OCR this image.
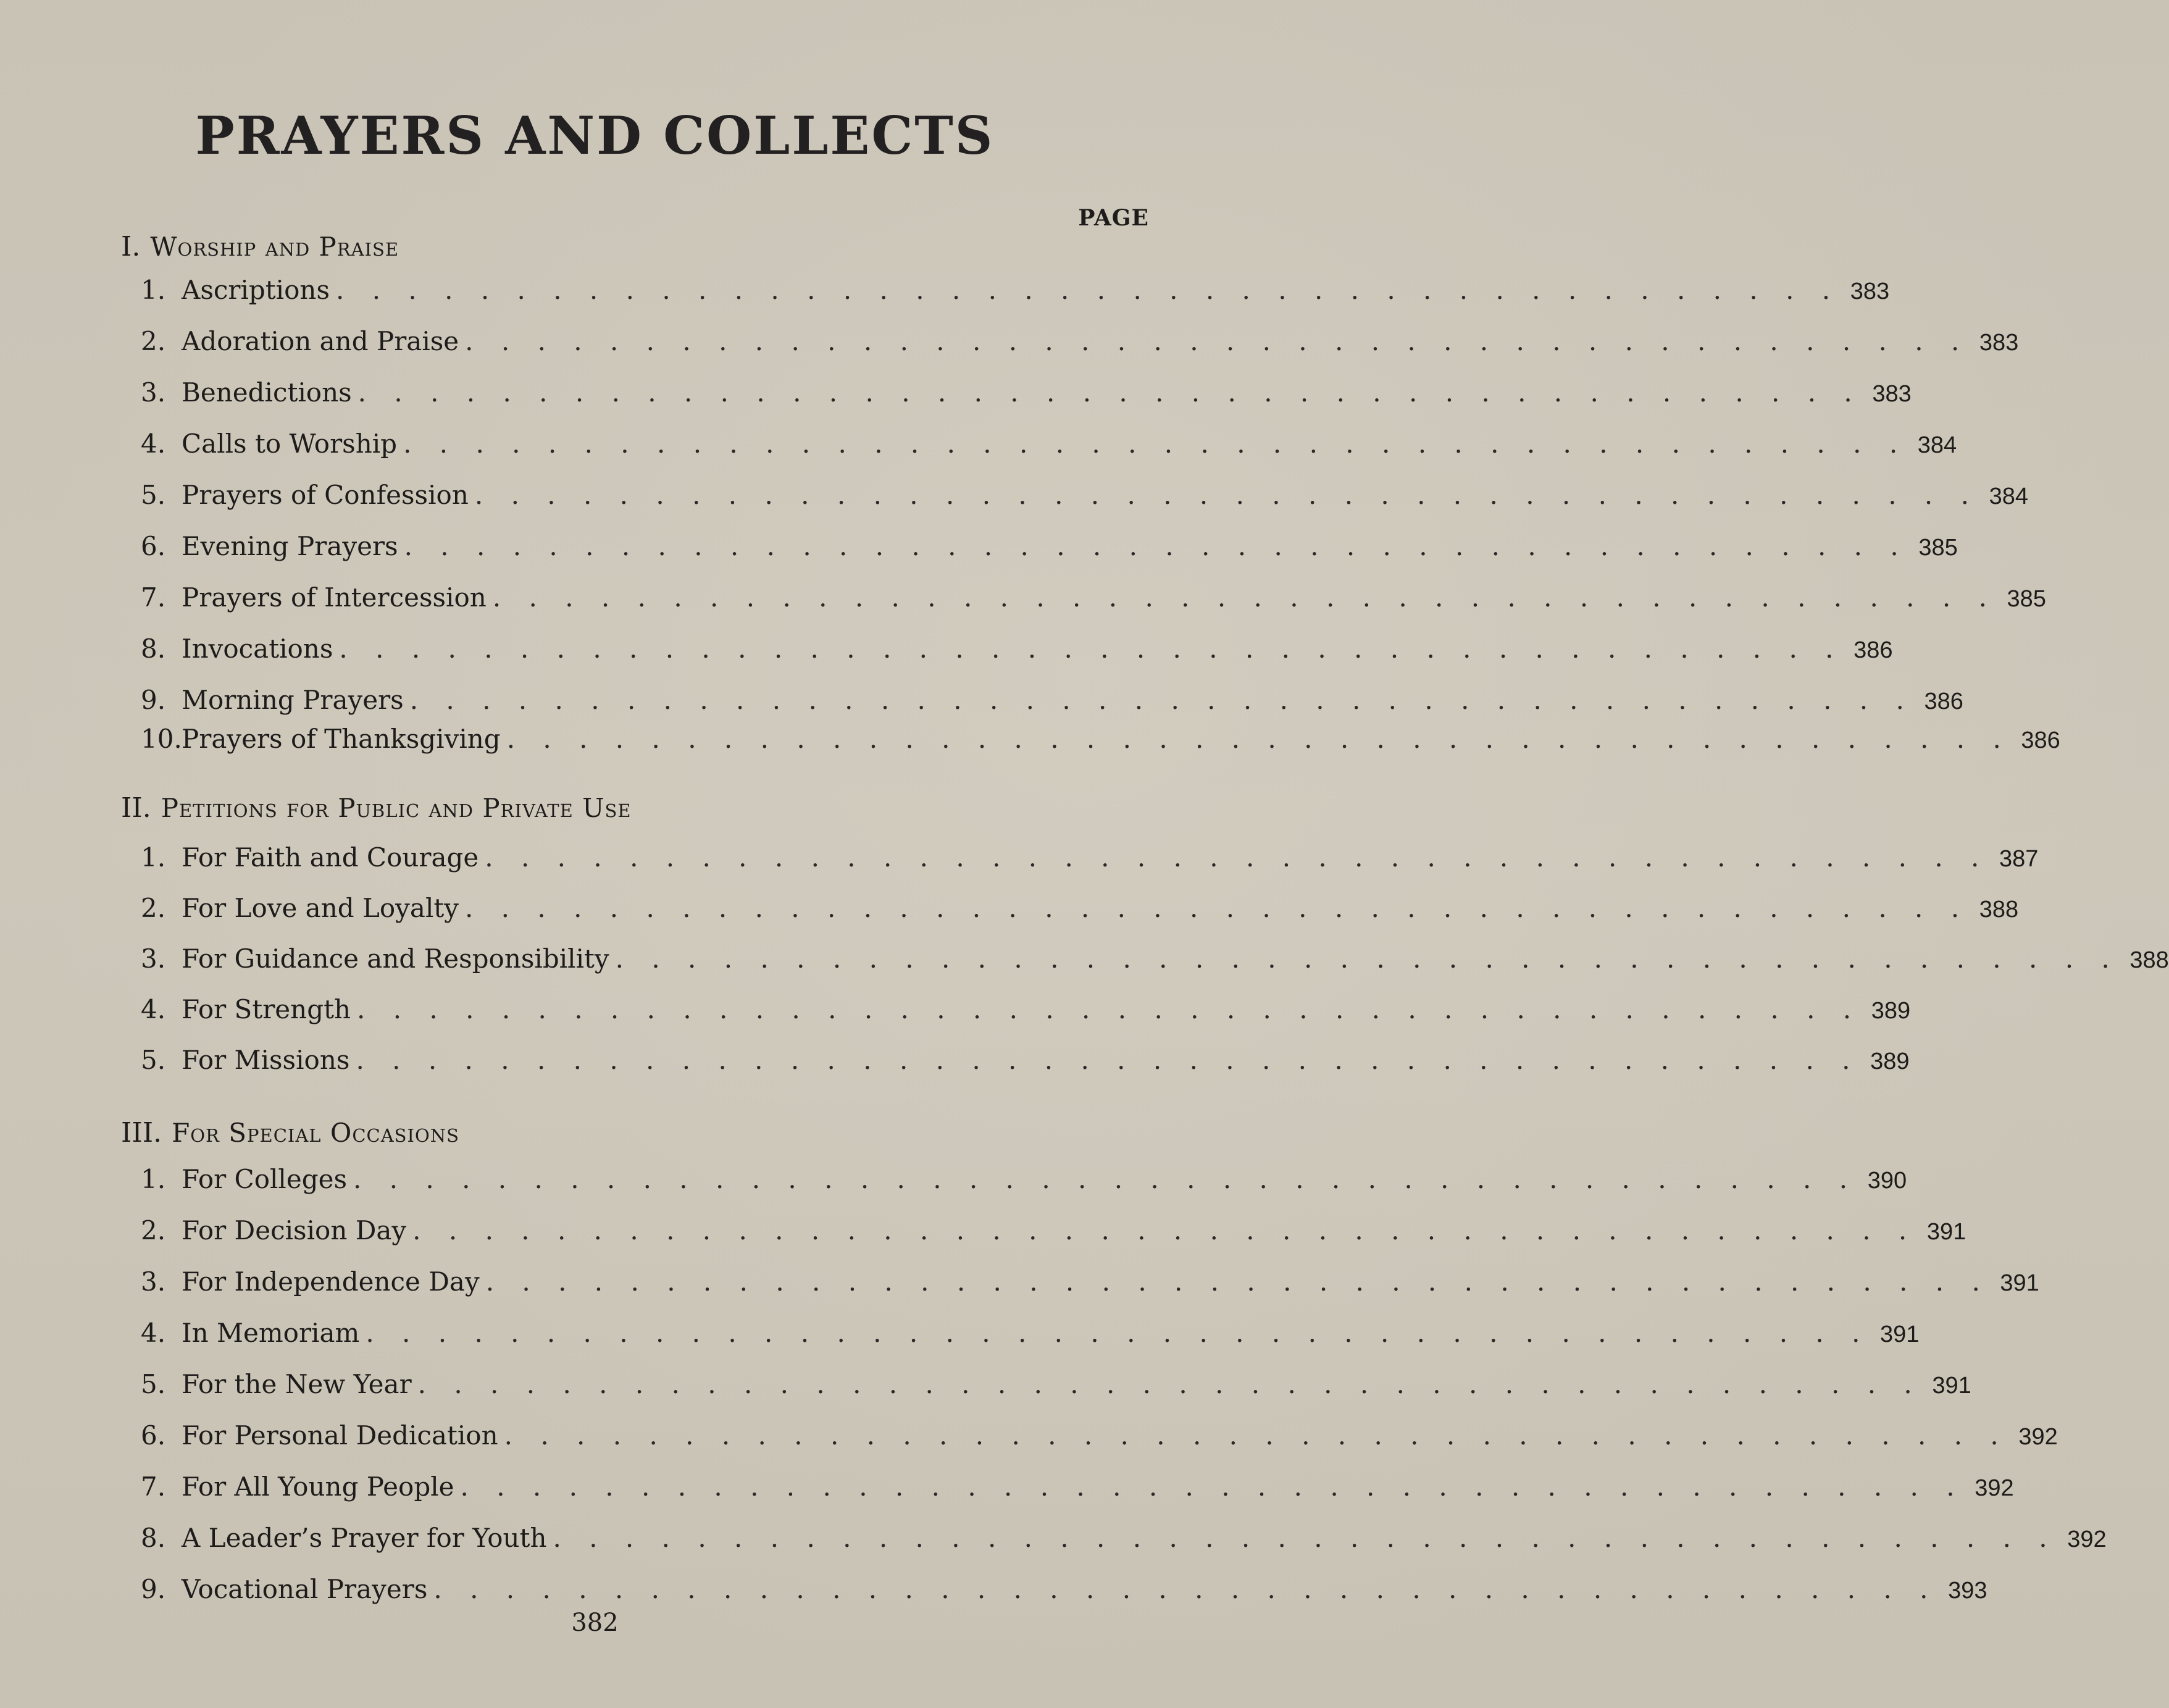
PRAYERS AND COLLECTS
PAGE
I. Worship and Praise
1. Ascriptions . . . . . . . . . . . . . . . . . . . . . . . . . . . . . . . . . . . . . . . . . . 383
2. Adoration and Praise . . . . . . . . . . . . . . . . . . . . . . . . . . . . . . . . . . . . . . . . . . 383
3. Benedictions . . . . . . . . . . . . . . . . . . . . . . . . . . . . . . . . . . . . . . . . . . 383
4. Calls to Worship . . . . . . . . . . . . . . . . . . . . . . . . . . . . . . . . . . . . . . . . . . 384
5. Prayers of Confession . . . . . . . . . . . . . . . . . . . . . . . . . . . . . . . . . . . . . . . . . . 384
6. Evening Prayers . . . . . . . . . . . . . . . . . . . . . . . . . . . . . . . . . . . . . . . . . . 385
7. Prayers of Intercession . . . . . . . . . . . . . . . . . . . . . . . . . . . . . . . . . . . . . . . . . . 385
8. Invocations . . . . . . . . . . . . . . . . . . . . . . . . . . . . . . . . . . . . . . . . . . 386
9. Morning Prayers . . . . . . . . . . . . . . . . . . . . . . . . . . . . . . . . . . . . . . . . . . 386
10. Prayers of Thanksgiving . . . . . . . . . . . . . . . . . . . . . . . . . . . . . . . . . . . . . . . . . . 386
II. Petitions for Public and Private Use
1. For Faith and Courage . . . . . . . . . . . . . . . . . . . . . . . . . . . . . . . . . . . . . . . . . . 387
2. For Love and Loyalty . . . . . . . . . . . . . . . . . . . . . . . . . . . . . . . . . . . . . . . . . . 388
3. For Guidance and Responsibility . . . . . . . . . . . . . . . . . . . . . . . . . . . . . . . . . . . . . . . . . . 388
4. For Strength . . . . . . . . . . . . . . . . . . . . . . . . . . . . . . . . . . . . . . . . . . 389
5. For Missions . . . . . . . . . . . . . . . . . . . . . . . . . . . . . . . . . . . . . . . . . . 389
III. For Special Occasions
1. For Colleges . . . . . . . . . . . . . . . . . . . . . . . . . . . . . . . . . . . . . . . . . . 390
2. For Decision Day . . . . . . . . . . . . . . . . . . . . . . . . . . . . . . . . . . . . . . . . . . 391
3. For Independence Day . . . . . . . . . . . . . . . . . . . . . . . . . . . . . . . . . . . . . . . . . . 391
4. In Memoriam . . . . . . . . . . . . . . . . . . . . . . . . . . . . . . . . . . . . . . . . . . 391
5. For the New Year . . . . . . . . . . . . . . . . . . . . . . . . . . . . . . . . . . . . . . . . . . 391
6. For Personal Dedication . . . . . . . . . . . . . . . . . . . . . . . . . . . . . . . . . . . . . . . . . . 392
7. For All Young People . . . . . . . . . . . . . . . . . . . . . . . . . . . . . . . . . . . . . . . . . . 392
8. A Leader’s Prayer for Youth . . . . . . . . . . . . . . . . . . . . . . . . . . . . . . . . . . . . . . . . . . 392
9. Vocational Prayers . . . . . . . . . . . . . . . . . . . . . . . . . . . . . . . . . . . . . . . . . . 393
382
